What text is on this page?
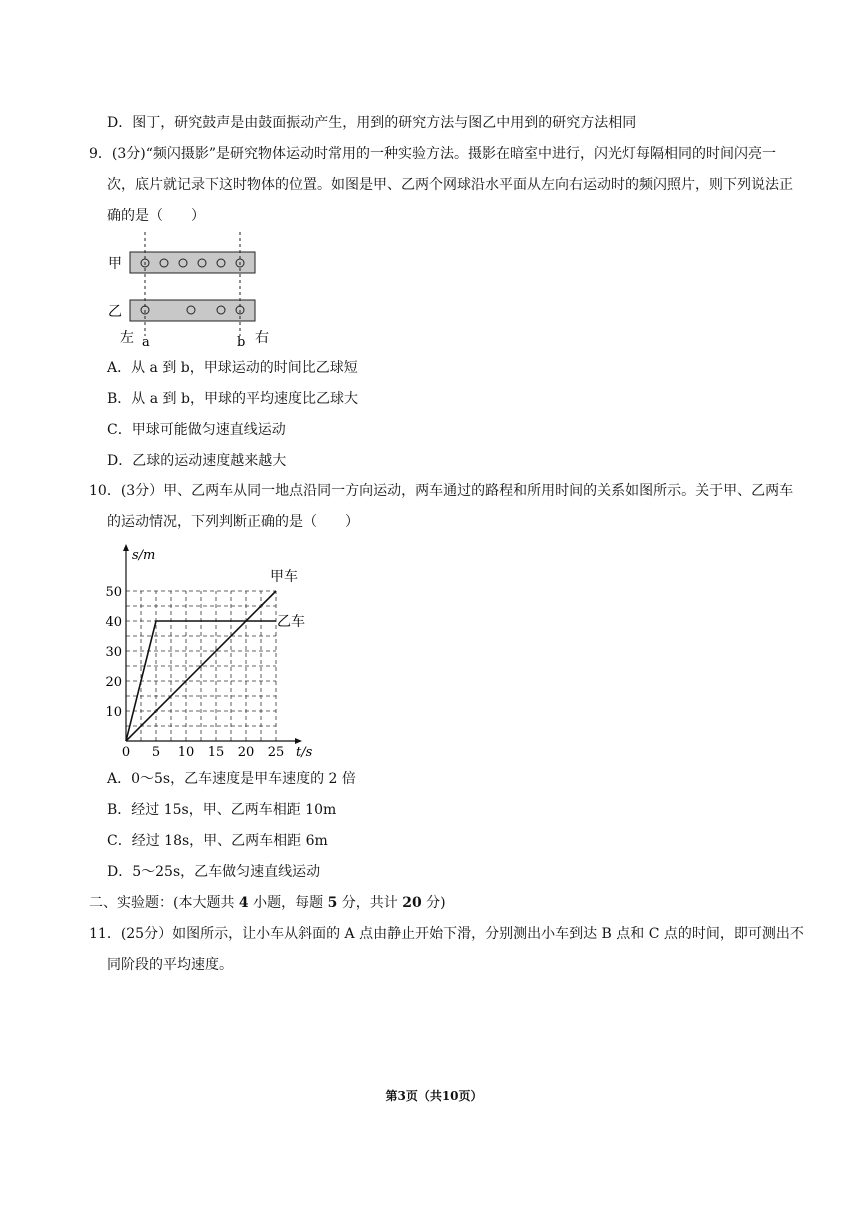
D．图丁，研究鼓声是由鼓面振动产生，用到的研究方法与图乙中用到的研究方法相同
9．(3分)“频闪摄影”是研究物体运动时常用的一种实验方法。摄影在暗室中进行，闪光灯每隔相同的时间闪亮一
次，底片就记录下这时物体的位置。如图是甲、乙两个网球沿水平面从左向右运动时的频闪照片，则下列说法正
确的是（　　）
甲
乙
左	右
a	b
A．从 a 到 b，甲球运动的时间比乙球短
B．从 a 到 b，甲球的平均速度比乙球大
C．甲球可能做匀速直线运动
D．乙球的运动速度越来越大
10．(3分）甲、乙两车从同一地点沿同一方向运动，两车通过的路程和所用时间的关系如图所示。关于甲、乙两车
的运动情况，下列判断正确的是（　　）
0 5 10 15 20 25
10
20
30
40
50
t/s
s/m
甲车
乙车
A．0～5s，乙车速度是甲车速度的 2 倍
B．经过 15s，甲、乙两车相距 10m
C．经过 18s，甲、乙两车相距 6m
D．5～25s，乙车做匀速直线运动
二、实验题：(本大题共 4 小题，每题 5 分，共计 20 分)
11．(25分）如图所示，让小车从斜面的 A 点由静止开始下滑，分别测出小车到达 B 点和 C 点的时间，即可测出不
同阶段的平均速度。
第3页（共10页）
